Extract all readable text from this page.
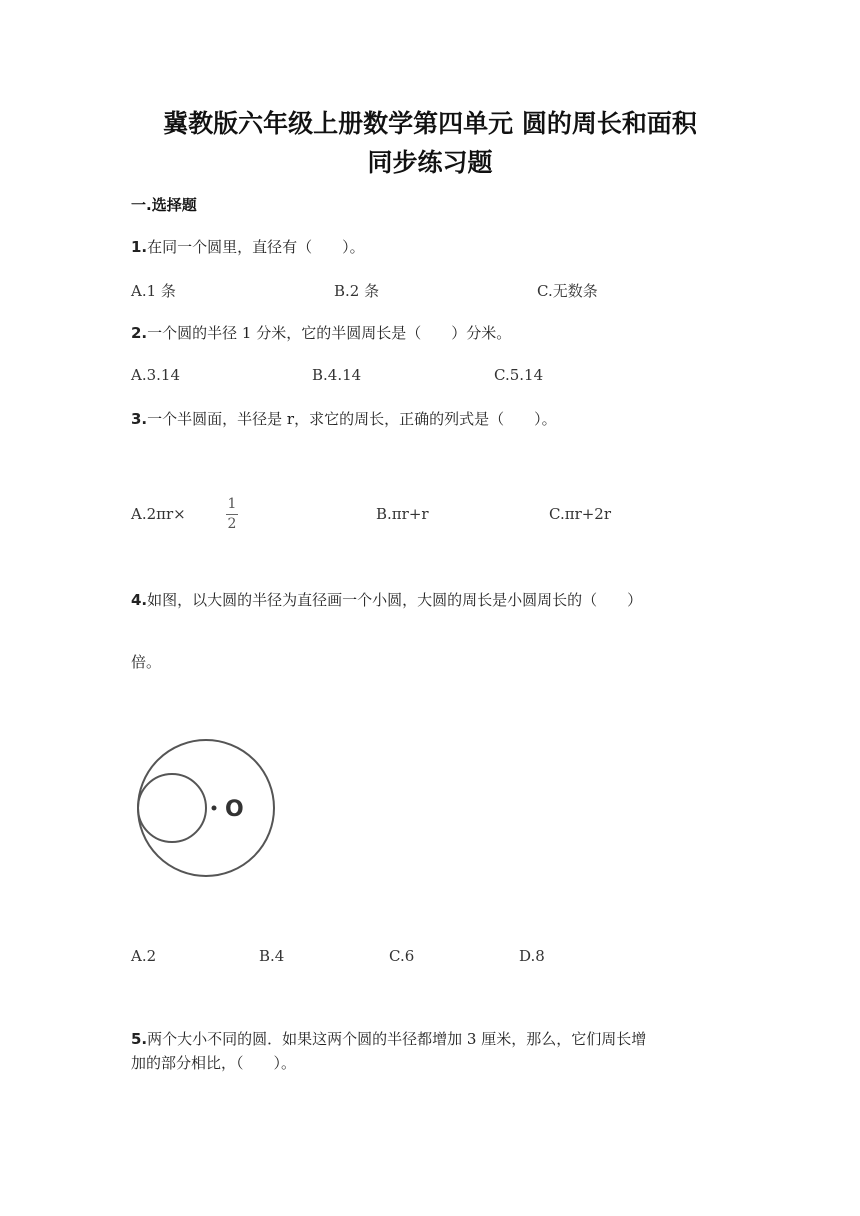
冀教版六年级上册数学第四单元 圆的周长和面积
同步练习题
一.选择题
1.在同一个圆里，直径有（　　）。
A.1 条	B.2 条	C.无数条
2.一个圆的半径 1 分米，它的半圆周长是（　　）分米。
A.3.14	B.4.14	C.5.14
3.一个半圆面，半径是 r，求它的周长，正确的列式是（　　）。
A.2πr×
1
2
B.πr+r	C.πr+2r
4.如图，以大圆的半径为直径画一个小圆，大圆的周长是小圆周长的（　　）
倍。
O
A.2	B.4	C.6	D.8
5.两个大小不同的圆．如果这两个圆的半径都增加 3 厘米，那么，它们周长增
加的部分相比，（　　）。
